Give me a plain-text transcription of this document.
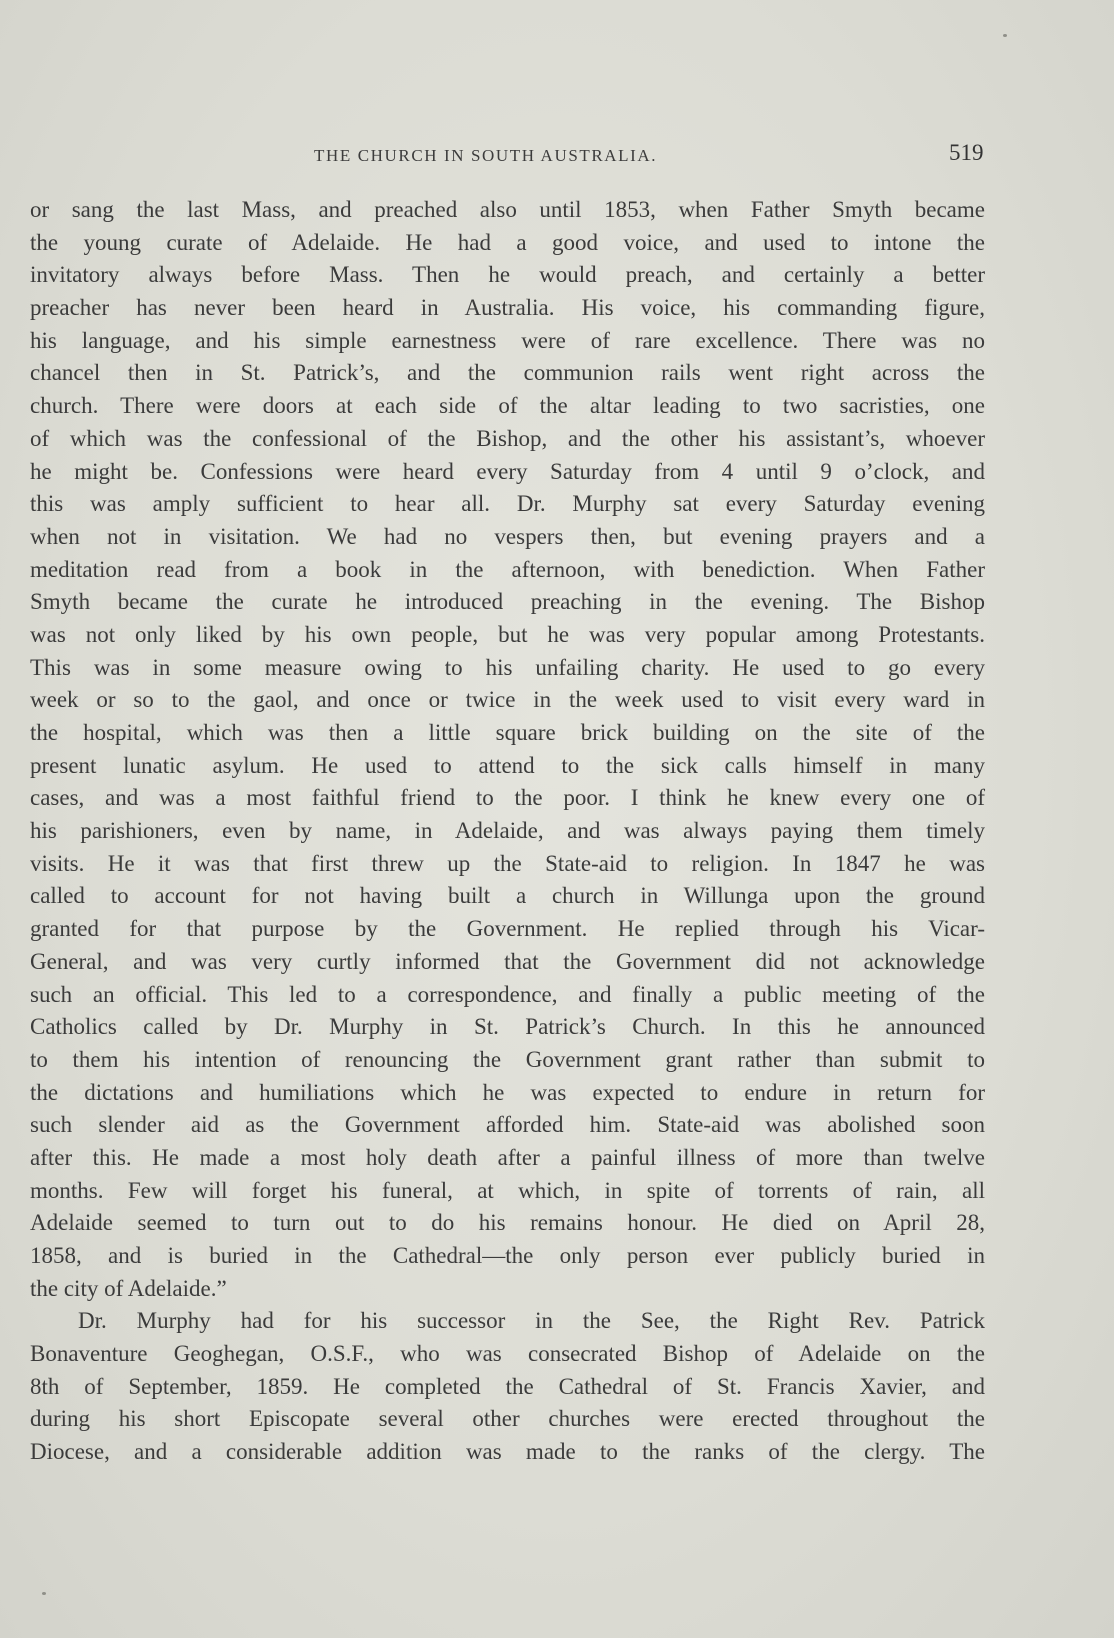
THE CHURCH IN SOUTH AUSTRALIA.	519
or sang the last Mass, and preached also until 1853, when Father Smyth became
the young curate of Adelaide. He had a good voice, and used to intone the
invitatory always before Mass. Then he would preach, and certainly a better
preacher has never been heard in Australia. His voice, his commanding figure,
his language, and his simple earnestness were of rare excellence. There was no
chancel then in St. Patrick’s, and the communion rails went right across the
church. There were doors at each side of the altar leading to two sacristies, one
of which was the confessional of the Bishop, and the other his assistant’s, whoever
he might be. Confessions were heard every Saturday from 4 until 9 o’clock, and
this was amply sufficient to hear all. Dr. Murphy sat every Saturday evening
when not in visitation. We had no vespers then, but evening prayers and a
meditation read from a book in the afternoon, with benediction. When Father
Smyth became the curate he introduced preaching in the evening. The Bishop
was not only liked by his own people, but he was very popular among Protestants.
This was in some measure owing to his unfailing charity. He used to go every
week or so to the gaol, and once or twice in the week used to visit every ward in
the hospital, which was then a little square brick building on the site of the
present lunatic asylum. He used to attend to the sick calls himself in many
cases, and was a most faithful friend to the poor. I think he knew every one of
his parishioners, even by name, in Adelaide, and was always paying them timely
visits. He it was that first threw up the State-aid to religion. In 1847 he was
called to account for not having built a church in Willunga upon the ground
granted for that purpose by the Government. He replied through his Vicar-
General, and was very curtly informed that the Government did not acknowledge
such an official. This led to a correspondence, and finally a public meeting of the
Catholics called by Dr. Murphy in St. Patrick’s Church. In this he announced
to them his intention of renouncing the Government grant rather than submit to
the dictations and humiliations which he was expected to endure in return for
such slender aid as the Government afforded him. State-aid was abolished soon
after this. He made a most holy death after a painful illness of more than twelve
months. Few will forget his funeral, at which, in spite of torrents of rain, all
Adelaide seemed to turn out to do his remains honour. He died on April 28,
1858, and is buried in the Cathedral—the only person ever publicly buried in
the city of Adelaide.”
Dr. Murphy had for his successor in the See, the Right Rev. Patrick
Bonaventure Geoghegan, O.S.F., who was consecrated Bishop of Adelaide on the
8th of September, 1859. He completed the Cathedral of St. Francis Xavier, and
during his short Episcopate several other churches were erected throughout the
Diocese, and a considerable addition was made to the ranks of the clergy. The
